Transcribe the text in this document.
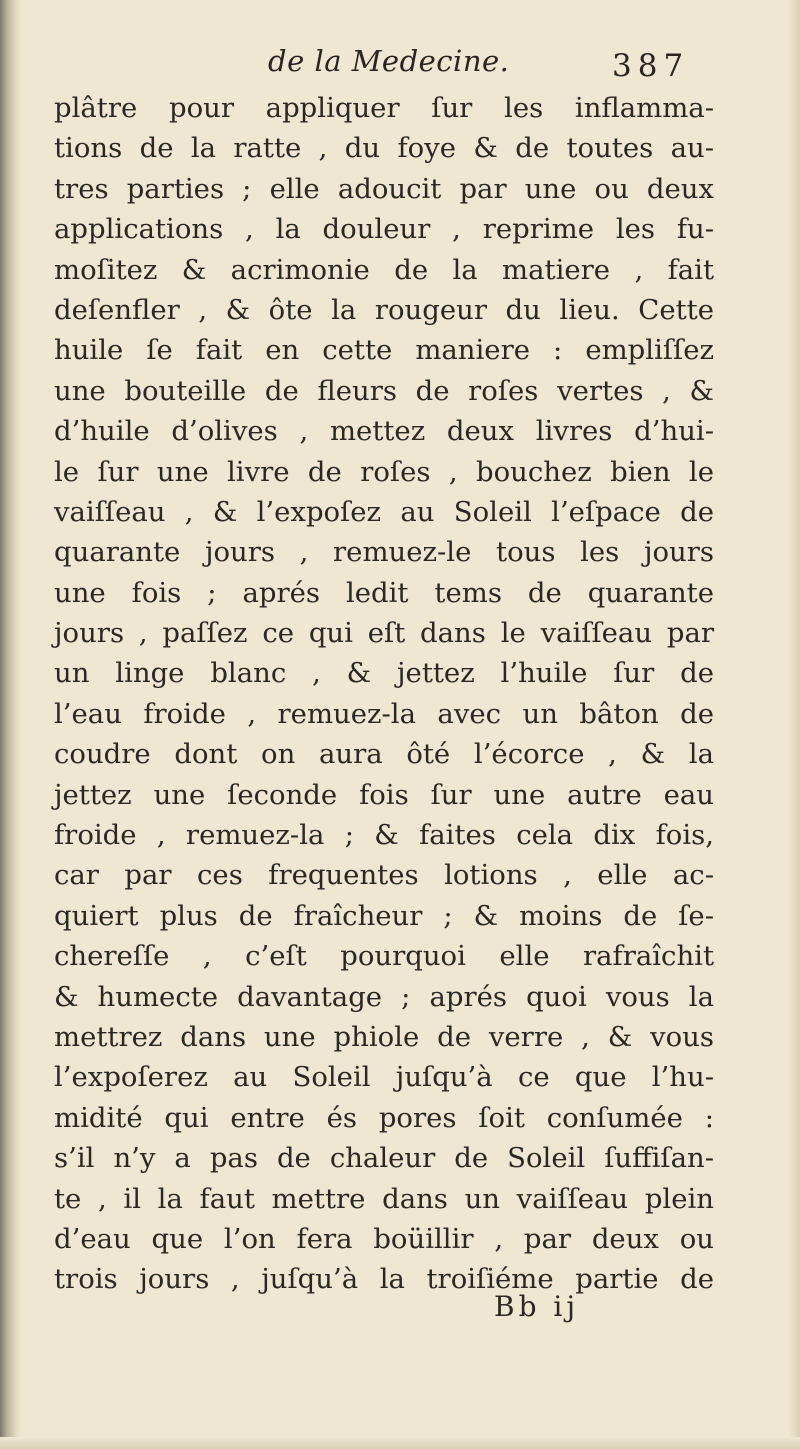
de la Medecine.	387
plâtre pour appliquer ſur les inflamma-
tions de la ratte , du foye & de toutes au-
tres parties ; elle adoucit par une ou deux
applications , la douleur , reprime les fu-
moſitez & acrimonie de la matiere , fait
deſenfler , & ôte la rougeur du lieu. Cette
huile ſe fait en cette maniere : empliſſez
une bouteille de fleurs de roſes vertes , &
d’huile d’olives , mettez deux livres d’hui-
le ſur une livre de roſes , bouchez bien le
vaiſſeau , & l’expoſez au Soleil l’eſpace de
quarante jours , remuez-le tous les jours
une fois ; aprés ledit tems de quarante
jours , paſſez ce qui eſt dans le vaiſſeau par
un linge blanc , & jettez l’huile ſur de
l’eau froide , remuez-la avec un bâton de
coudre dont on aura ôté l’écorce , & la
jettez une ſeconde fois ſur une autre eau
froide , remuez-la ; & faites cela dix fois,
car par ces frequentes lotions , elle ac-
quiert plus de fraîcheur ; & moins de ſe-
chereſſe , c’eſt pourquoi elle rafraîchit
& humecte davantage ; aprés quoi vous la
mettrez dans une phiole de verre , & vous
l’expoſerez au Soleil juſqu’à ce que l’hu-
midité qui entre és pores ſoit conſumée :
s’il n’y a pas de chaleur de Soleil ſuffiſan-
te , il la faut mettre dans un vaiſſeau plein
d’eau que l’on fera boüillir , par deux ou
trois jours , juſqu’à la troiſiéme partie de
Bb ij
